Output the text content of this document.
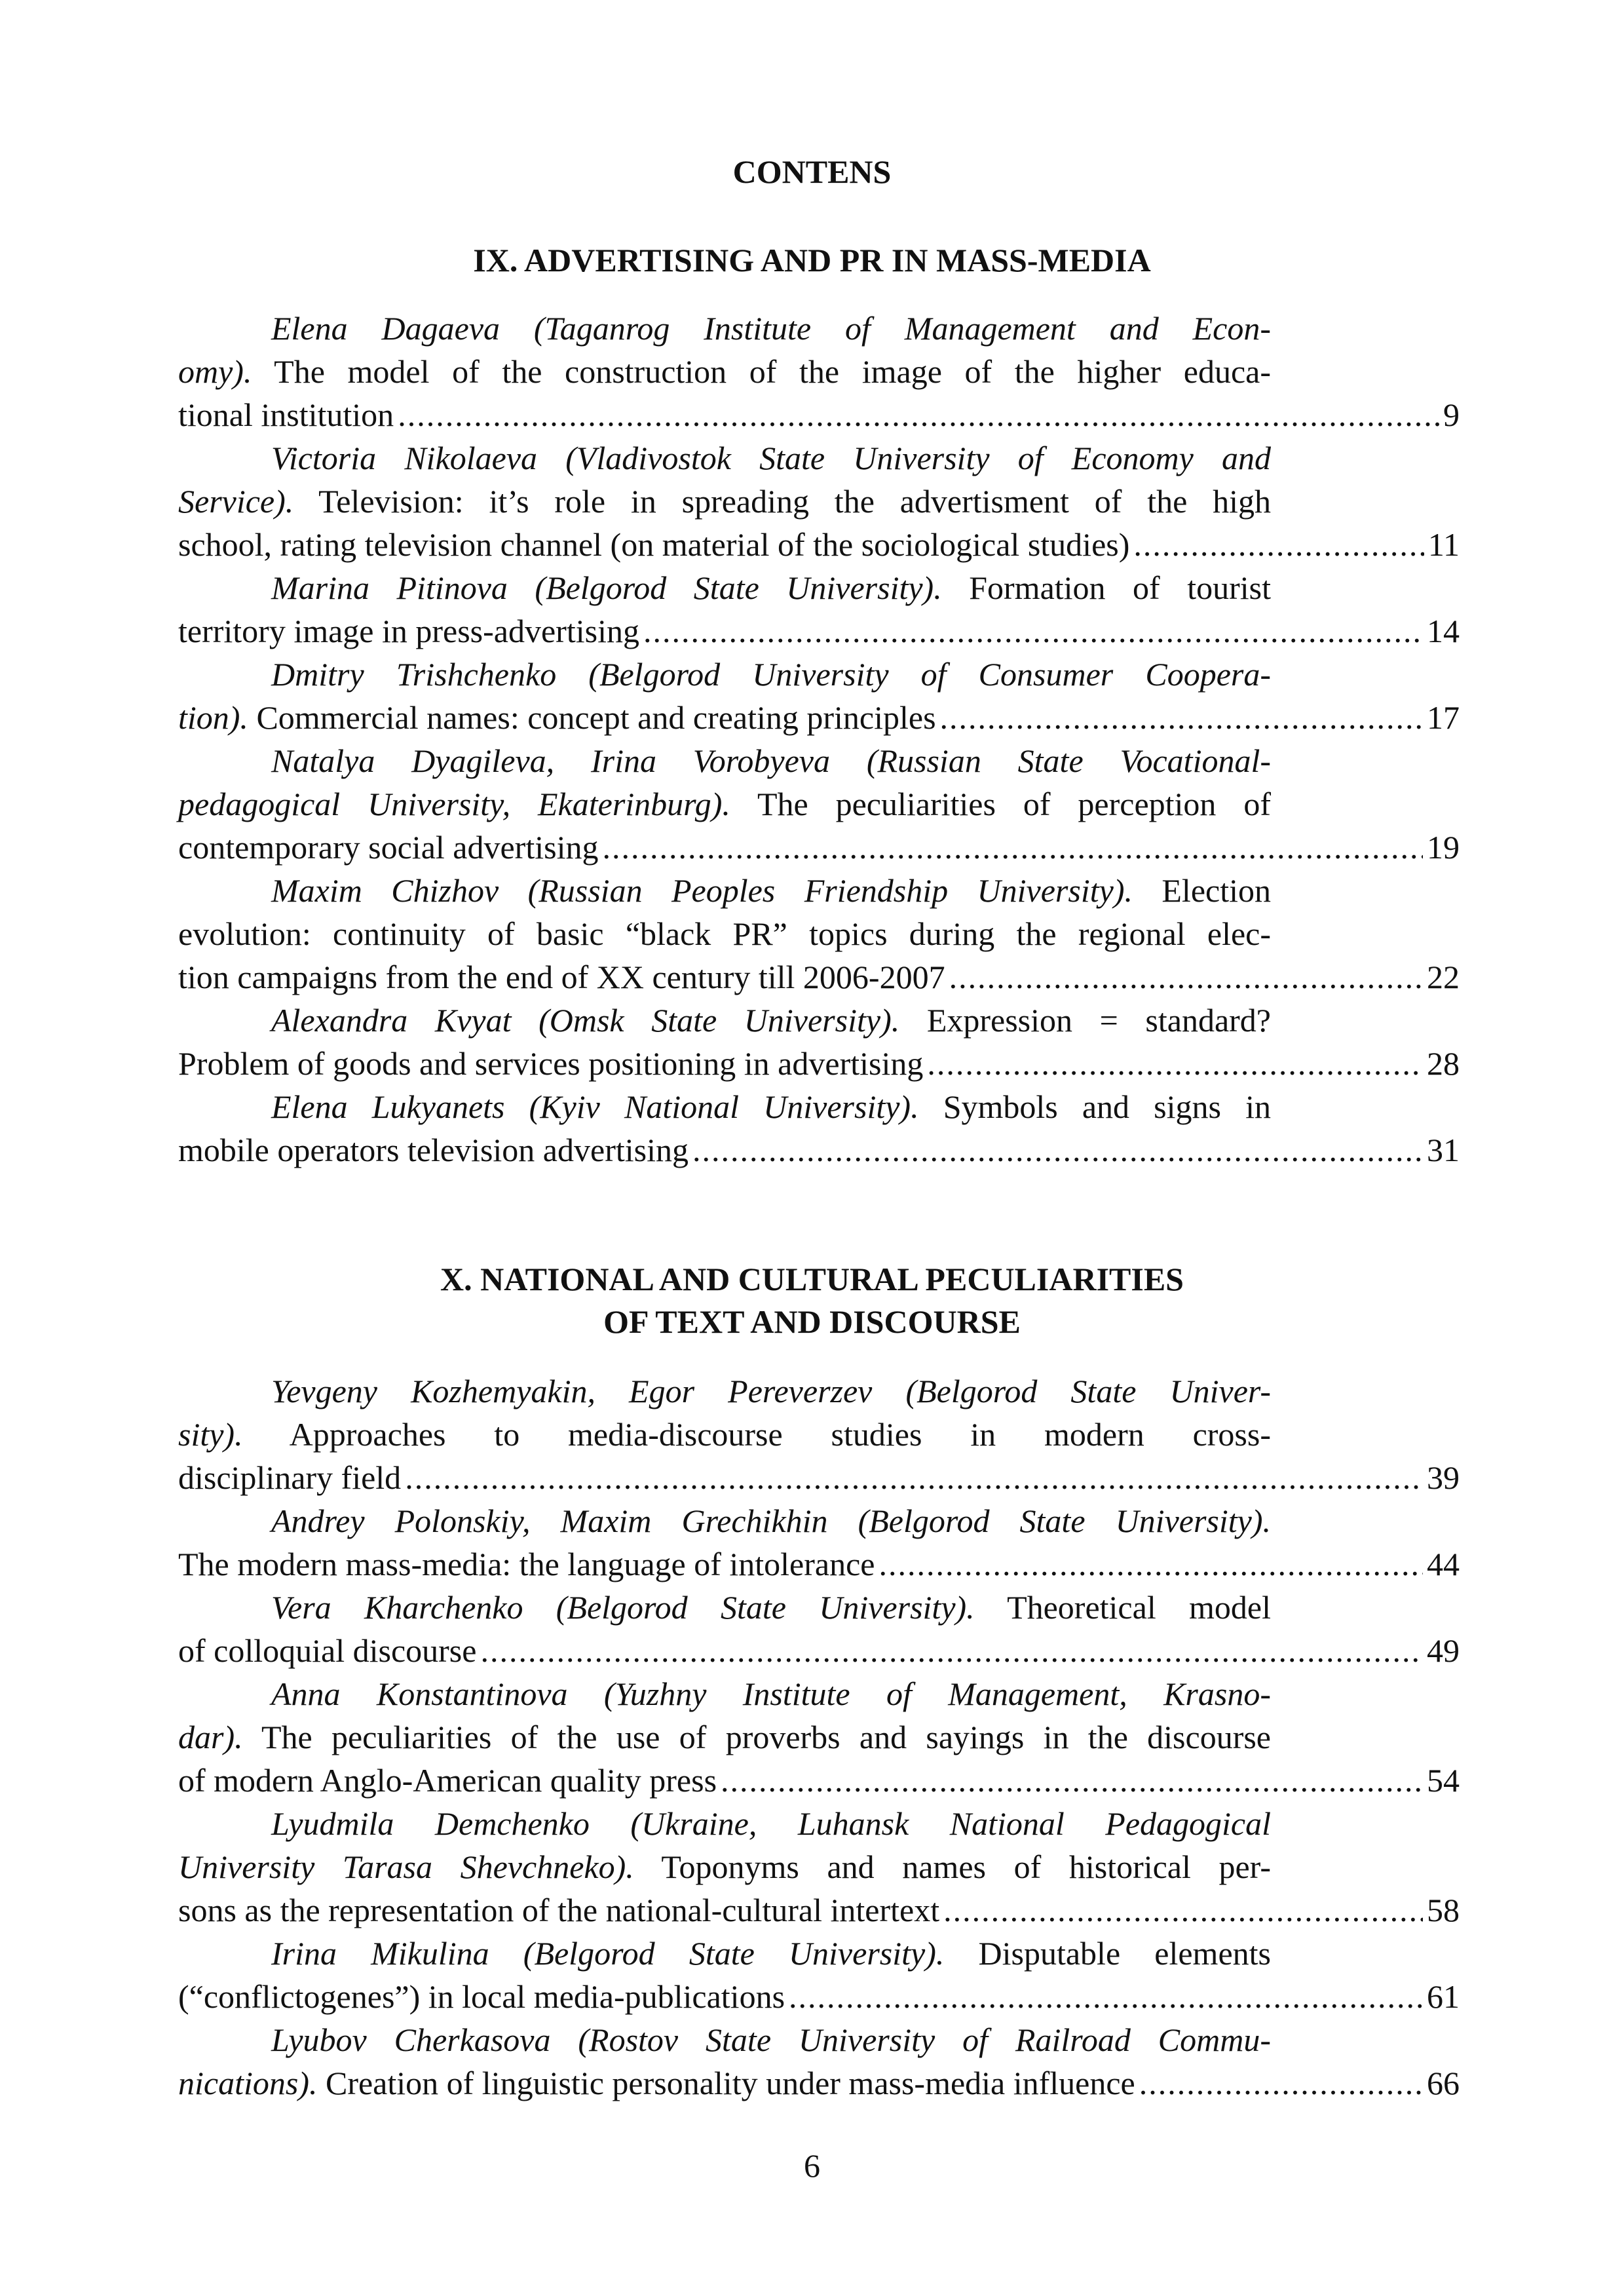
CONTENS
IX. ADVERTISING AND PR IN MASS-MEDIA
Elena Dagaeva (Taganrog Institute of Management and Econ-
omy). The model of the construction of the image of the higher educa-
tional institution .....	9
Victoria Nikolaeva (Vladivostok State University of Economy and
Service). Television: it’s role in spreading the advertisment of the high
school, rating television channel (on material of the sociological studies) .....	11
Marina Pitinova (Belgorod State University). Formation of tourist
territory image in press-advertising .....	14
Dmitry Trishchenko (Belgorod University of Consumer Coopera-
tion). Commercial names: concept and creating principles .....	17
Natalya Dyagileva, Irina Vorobyeva (Russian State Vocational-
pedagogical University, Ekaterinburg). The peculiarities of perception of
contemporary social advertising .....	19
Maxim Chizhov (Russian Peoples Friendship University). Election
evolution: continuity of basic “black PR” topics during the regional elec-
tion campaigns from the end of XX century till 2006-2007 .....	22
Alexandra Kvyat (Omsk State University). Expression = standard?
Problem of goods and services positioning in advertising .....	28
Elena Lukyanets (Kyiv National University). Symbols and signs in
mobile operators television advertising .....	31
X. NATIONAL AND CULTURAL PECULIARITIES
OF TEXT AND DISCOURSE
Yevgeny Kozhemyakin, Egor Pereverzev (Belgorod State Univer-
sity). Approaches to media-discourse studies in modern cross-
disciplinary field .....	39
Andrey Polonskiy, Maxim Grechikhin (Belgorod State University).
The modern mass-media: the language of intolerance .....	44
Vera Kharchenko (Belgorod State University). Theoretical model
of colloquial discourse .....	49
Anna Konstantinova (Yuzhny Institute of Management, Krasno-
dar). The peculiarities of the use of proverbs and sayings in the discourse
of modern Anglo-American quality press .....	54
Lyudmila Demchenko (Ukraine, Luhansk National Pedagogical
University Tarasa Shevchneko). Toponyms and names of historical per-
sons as the representation of the national-cultural intertext .....	58
Irina Mikulina (Belgorod State University). Disputable elements
(“conflictogenes”) in local media-publications .....	61
Lyubov Cherkasova (Rostov State University of Railroad Commu-
nications). Creation of linguistic personality under mass-media influence .....	66
6
